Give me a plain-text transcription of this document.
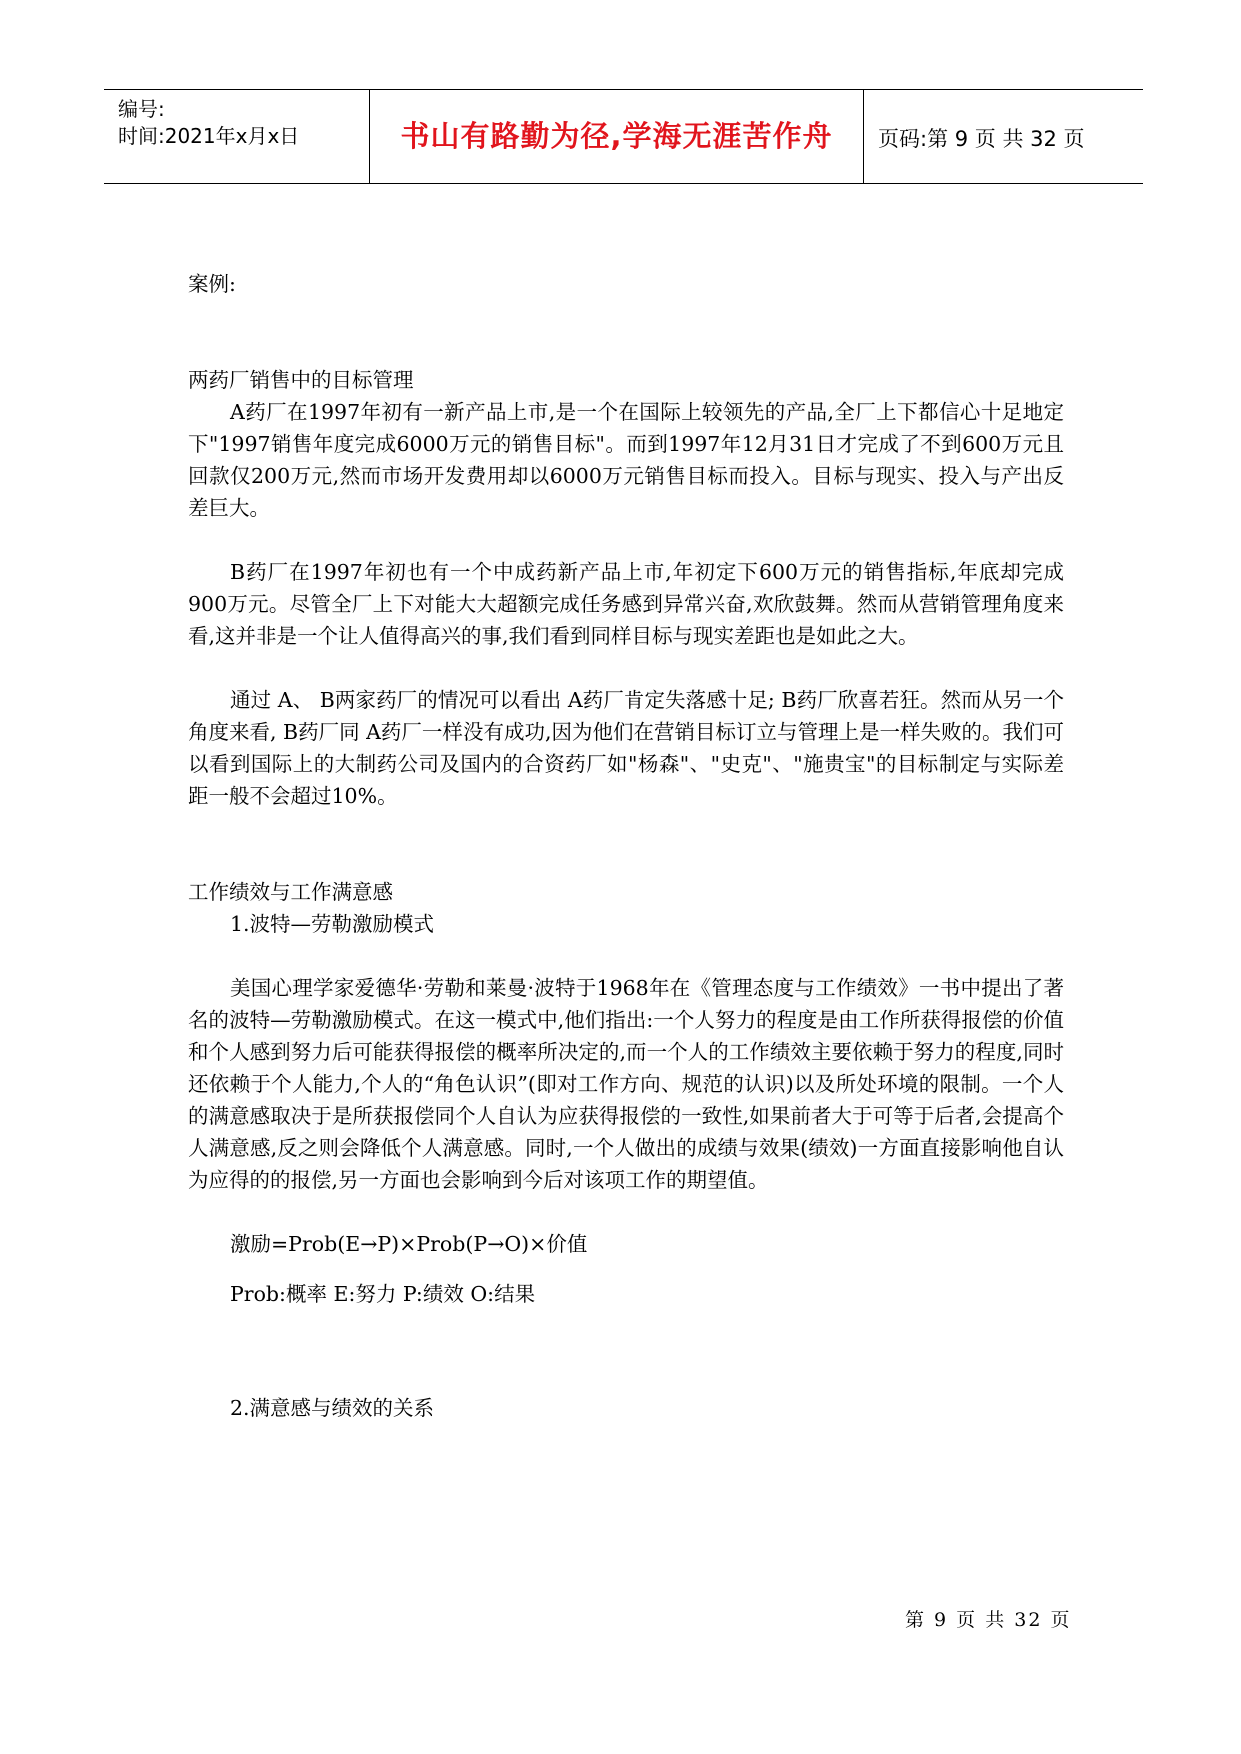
编号:
时间:2021年x月x日	书山有路勤为径,学海无涯苦作舟	页码:第 9 页 共 32 页

案例:

两药厂销售中的目标管理

A药厂在1997年初有一新产品上市,是一个在国际上较领先的产品,全厂上下都信心十足地定下"1997销售年度完成6000万元的销售目标"。而到1997年12月31日才完成了不到600万元且回款仅200万元,然而市场开发费用却以6000万元销售目标而投入。目标与现实、投入与产出反差巨大。

B药厂在1997年初也有一个中成药新产品上市,年初定下600万元的销售指标,年底却完成900万元。尽管全厂上下对能大大超额完成任务感到异常兴奋,欢欣鼓舞。然而从营销管理角度来看,这并非是一个让人值得高兴的事,我们看到同样目标与现实差距也是如此之大。

通过 A、 B两家药厂的情况可以看出 A药厂肯定失落感十足; B药厂欣喜若狂。然而从另一个角度来看, B药厂同 A药厂一样没有成功,因为他们在营销目标订立与管理上是一样失败的。我们可以看到国际上的大制药公司及国内的合资药厂如"杨森"、"史克"、"施贵宝"的目标制定与实际差距一般不会超过10%。

工作绩效与工作满意感

1.波特—劳勒激励模式

美国心理学家爱德华·劳勒和莱曼·波特于1968年在《管理态度与工作绩效》一书中提出了著名的波特—劳勒激励模式。在这一模式中,他们指出:一个人努力的程度是由工作所获得报偿的价值和个人感到努力后可能获得报偿的概率所决定的,而一个人的工作绩效主要依赖于努力的程度,同时还依赖于个人能力,个人的“角色认识”(即对工作方向、规范的认识)以及所处环境的限制。一个人的满意感取决于是所获报偿同个人自认为应获得报偿的一致性,如果前者大于可等于后者,会提高个人满意感,反之则会降低个人满意感。同时,一个人做出的成绩与效果(绩效)一方面直接影响他自认为应得的的报偿,另一方面也会影响到今后对该项工作的期望值。

激励=Prob(E→P)×Prob(P→O)×价值

Prob:概率 E:努力 P:绩效 O:结果

2.满意感与绩效的关系

第 9 页 共 32 页
